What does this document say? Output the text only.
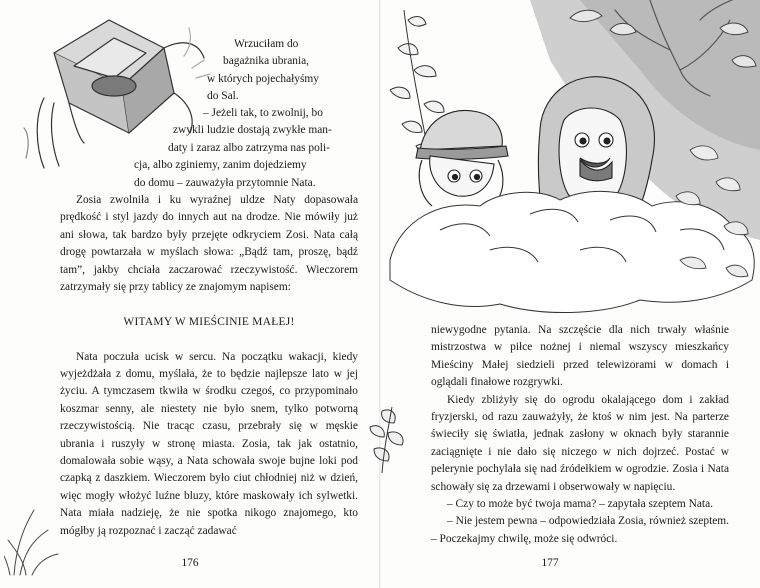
Wrzuciłam do

bagażnika ubrania,

w których pojechałyśmy

do Sal.

– Jeżeli tak, to zwolnij, bo

zwykli ludzie dostają zwykłe man-

daty i zaraz albo zatrzyma nas poli-

cja, albo zginiemy, zanim dojedziemy

do domu – zauważyła przytomnie Nata.

Zosia zwolniła i ku wyraźnej uldze Naty dopasowała prędkość i styl jazdy do innych aut na drodze. Nie mówiły już ani słowa, tak bardzo były przejęte odkryciem Zosi. Nata całą drogę powtarzała w myślach słowa: „Bądź tam, proszę, bądź tam”, jakby chciała zaczarować rzeczywistość. Wieczorem zatrzymały się przy tablicy ze znajomym napisem:

WITAMY W MIEŚCINIE MAŁEJ!

Nata poczuła ucisk w sercu. Na początku wakacji, kiedy wyjeżdżała z domu, myślała, że to będzie najlepsze lato w jej życiu. A tymczasem tkwiła w środku czegoś, co przypominało koszmar senny, ale niestety nie było snem, tylko potworną rzeczywistością. Nie tracąc czasu, przebrały się w męskie ubrania i ruszyły w stronę miasta. Zosia, tak jak ostatnio, domalowała sobie wąsy, a Nata schowała swoje bujne loki pod czapką z daszkiem. Wieczorem było ciut chłodniej niż w dzień, więc mogły włożyć luźne bluzy, które maskowały ich sylwetki. Nata miała nadzieję, że nie spotka nikogo znajomego, kto mógłby ją rozpoznać i zacząć zadawać

176

niewygodne pytania. Na szczęście dla nich trwały właśnie mistrzostwa w piłce nożnej i niemal wszyscy mieszkańcy Mieściny Małej siedzieli przed telewizorami w domach i oglądali finałowe rozgrywki.

Kiedy zbliżyły się do ogrodu okalającego dom i zakład fryzjerski, od razu zauważyły, że ktoś w nim jest. Na parterze świeciły się światła, jednak zasłony w oknach były starannie zaciągnięte i nie dało się niczego w nich dojrzeć. Postać w pelerynie pochylała się nad źródełkiem w ogrodzie. Zosia i Nata schowały się za drzewami i obserwowały w napięciu.

– Czy to może być twoja mama? – zapytała szeptem Nata.

– Nie jestem pewna – odpowiedziała Zosia, również szeptem. – Poczekajmy chwilę, może się odwróci.

177
